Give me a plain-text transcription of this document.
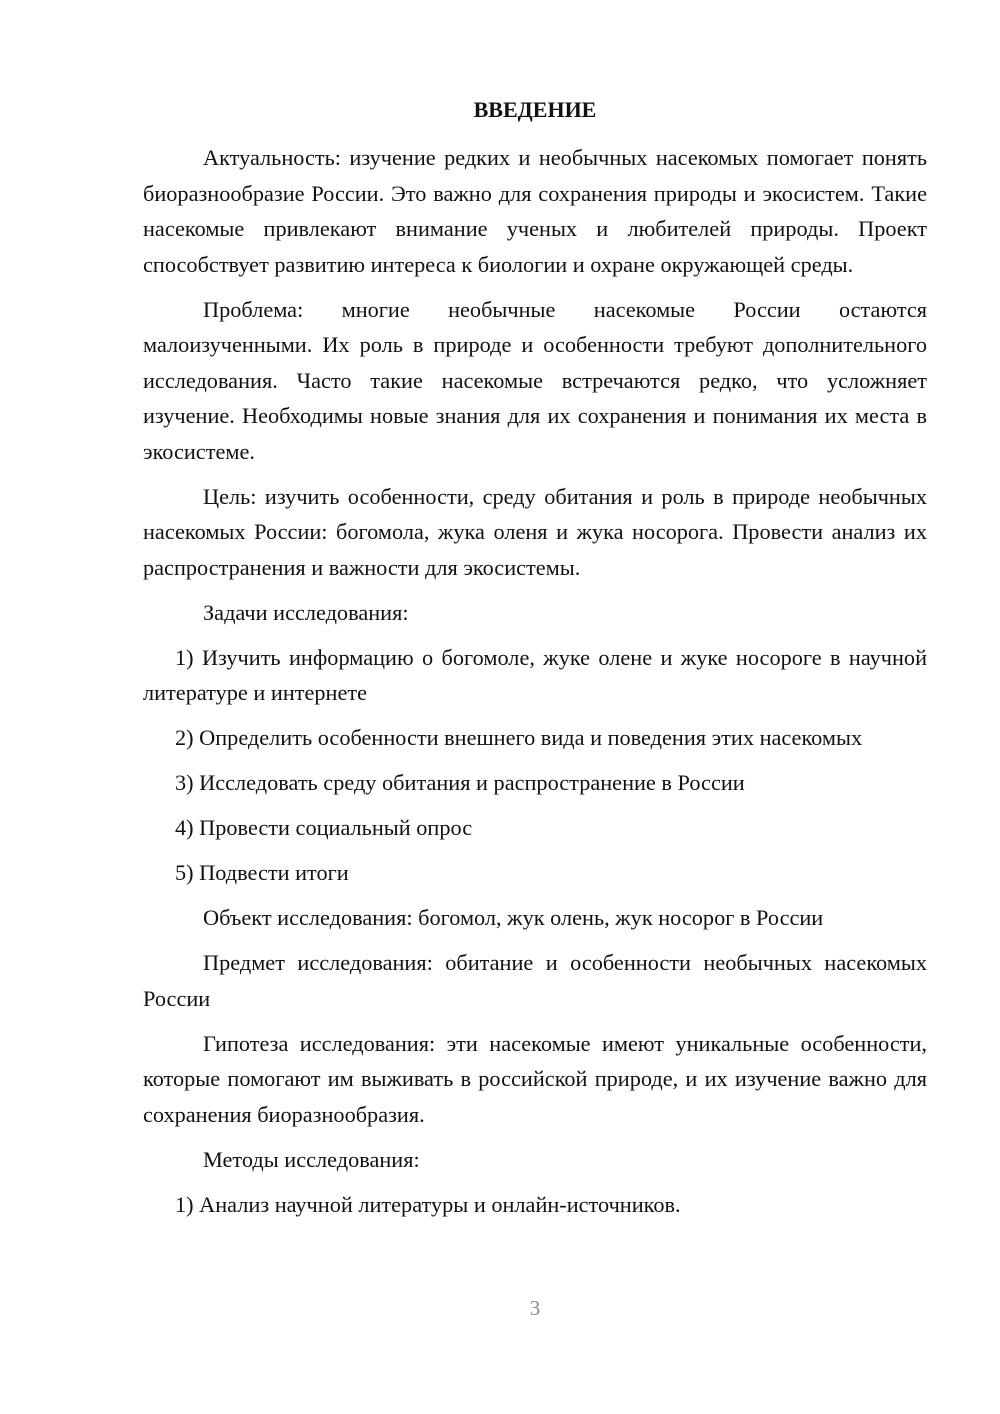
ВВЕДЕНИЕ

Актуальность: изучение редких и необычных насекомых помогает понять биоразнообразие России. Это важно для сохранения природы и экосистем. Такие насекомые привлекают внимание ученых и любителей природы. Проект способствует развитию интереса к биологии и охране окружающей среды.

Проблема: многие необычные насекомые России остаются малоизученными. Их роль в природе и особенности требуют дополнительного исследования. Часто такие насекомые встречаются редко, что усложняет изучение. Необходимы новые знания для их сохранения и понимания их места в экосистеме.

Цель: изучить особенности, среду обитания и роль в природе необычных насекомых России: богомола, жука оленя и жука носорога. Провести анализ их распространения и важности для экосистемы.

Задачи исследования:

1) Изучить информацию о богомоле, жуке олене и жуке носороге в научной литературе и интернете

2) Определить особенности внешнего вида и поведения этих насекомых

3) Исследовать среду обитания и распространение в России

4) Провести социальный опрос

5) Подвести итоги

Объект исследования: богомол, жук олень, жук носорог в России

Предмет исследования: обитание и особенности необычных насекомых России

Гипотеза исследования: эти насекомые имеют уникальные особенности, которые помогают им выживать в российской природе, и их изучение важно для сохранения биоразнообразия.

Методы исследования:

1) Анализ научной литературы и онлайн-источников.

3
